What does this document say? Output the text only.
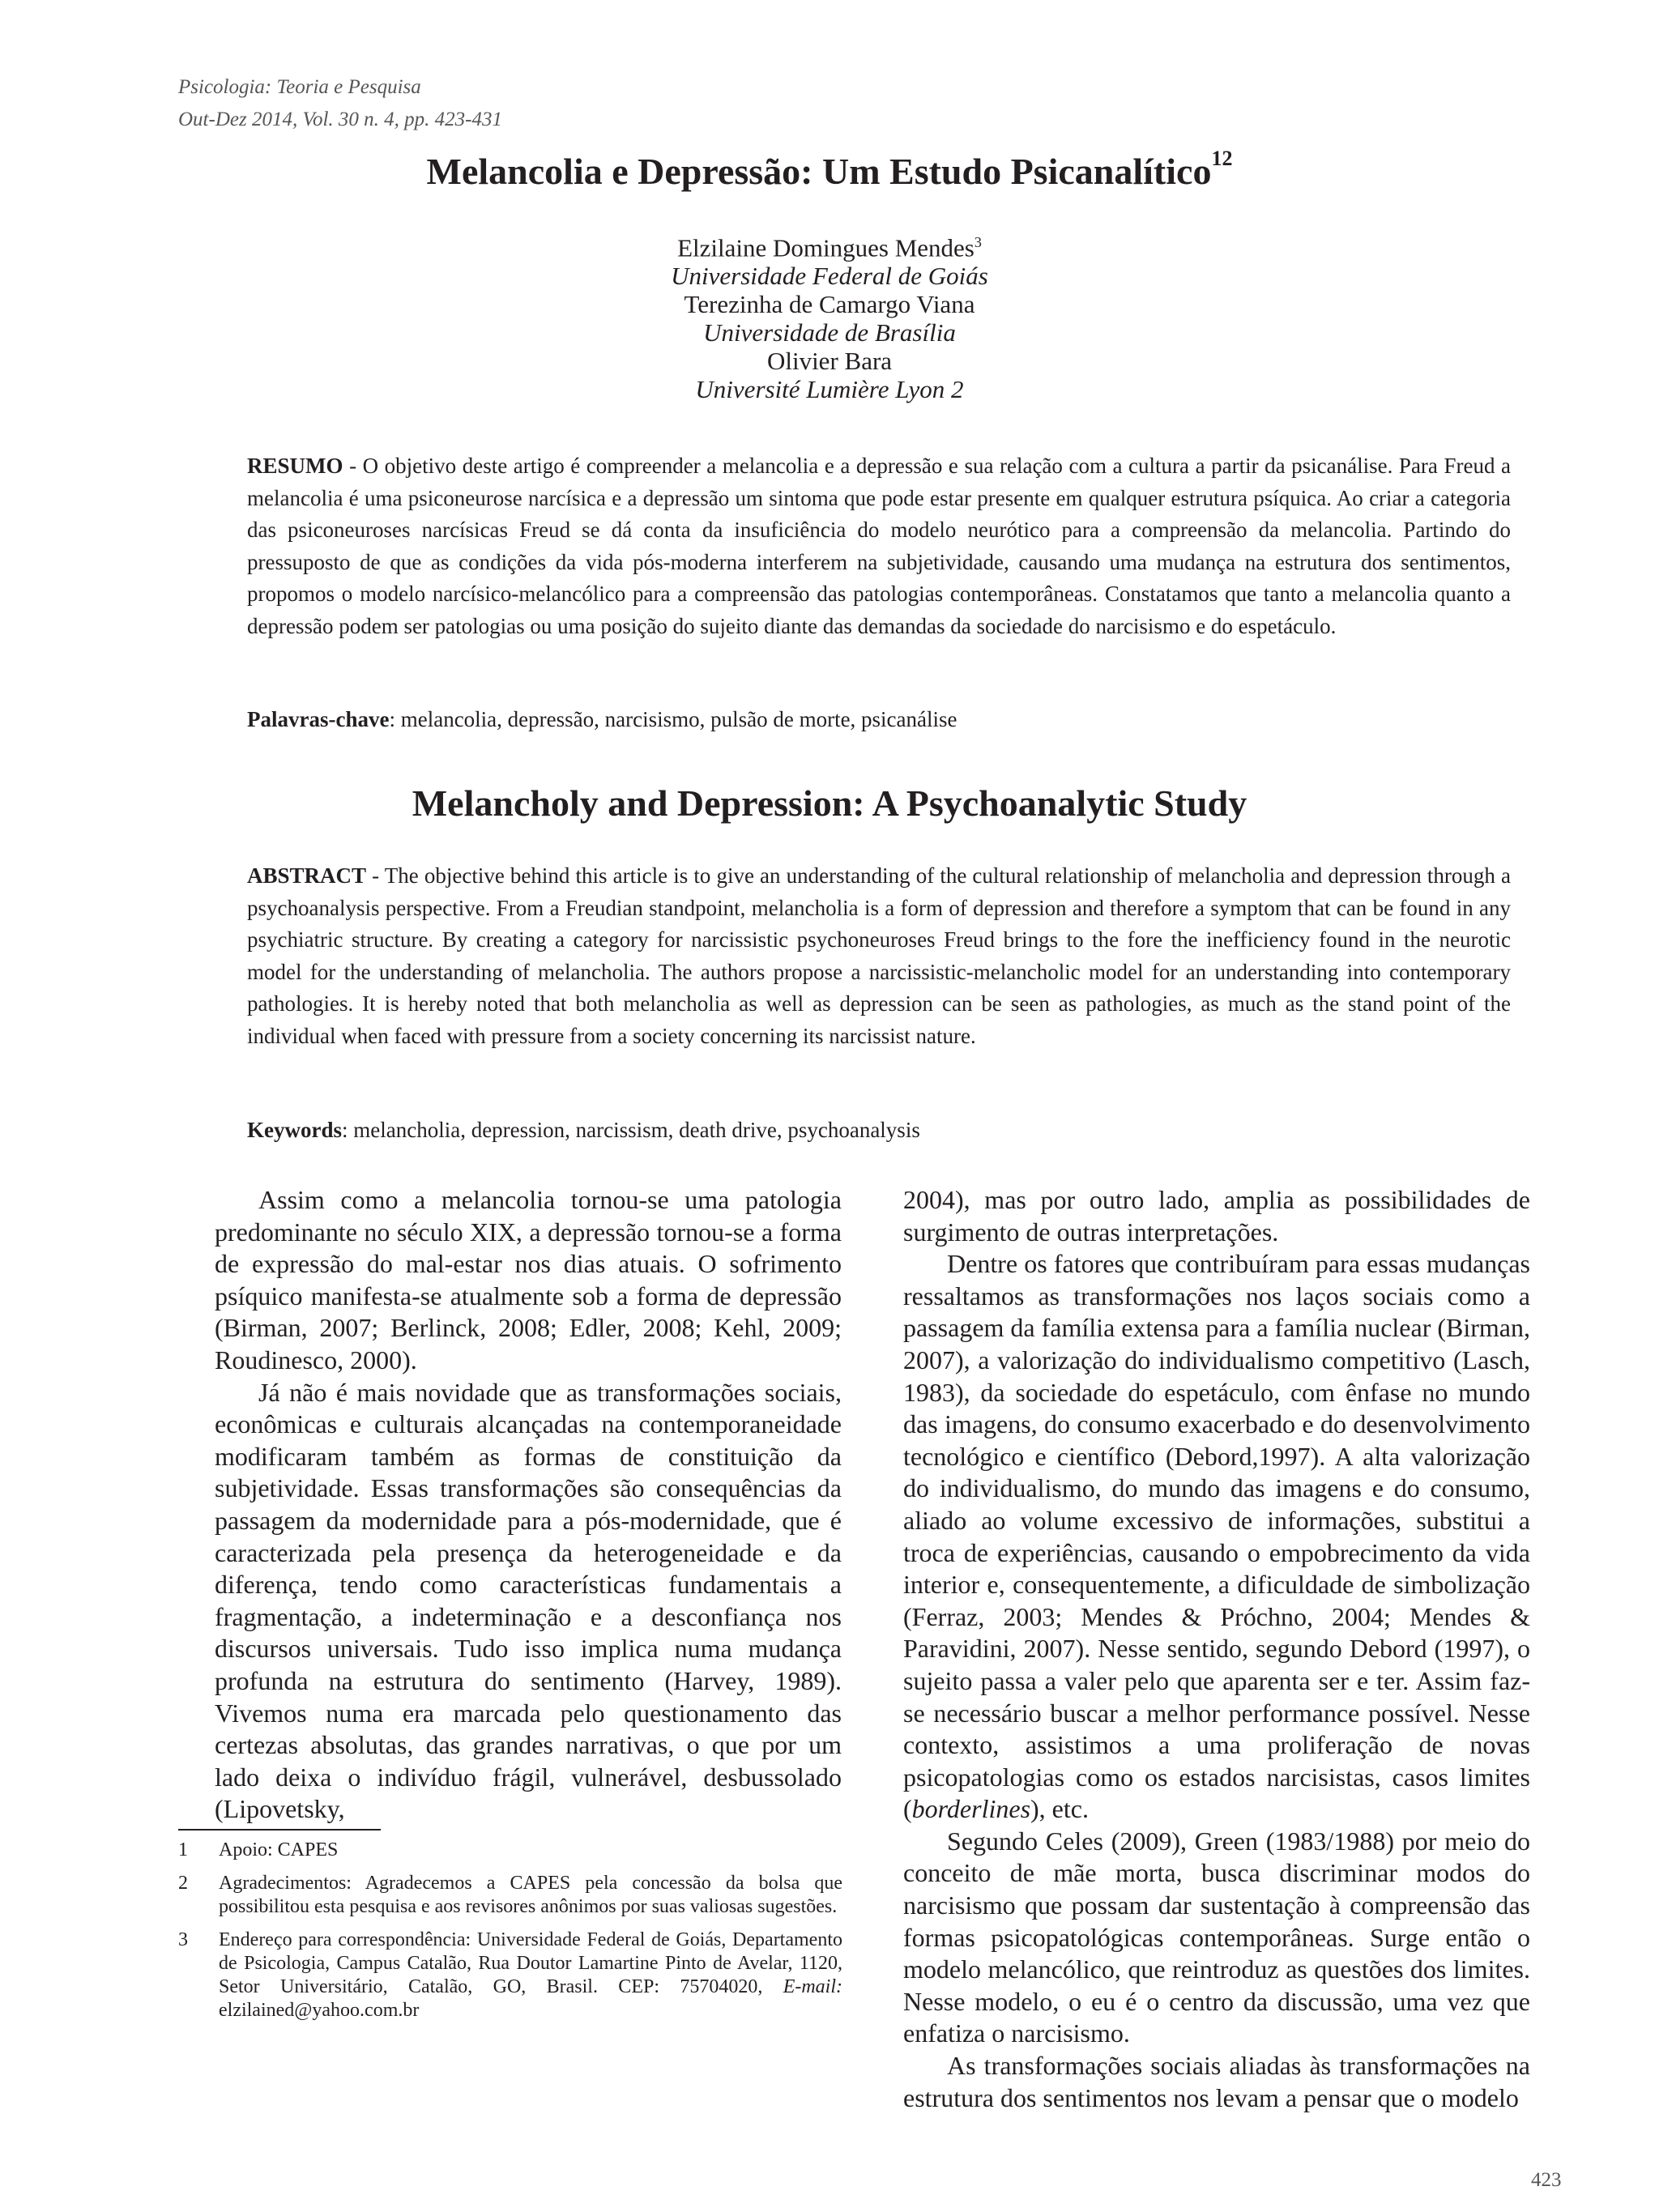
Psicologia: Teoria e Pesquisa
Out-Dez 2014, Vol. 30 n. 4, pp. 423-431
Melancolia e Depressão: Um Estudo Psicanalítico$^{12}$
Elzilaine Domingues Mendes$^3$
Universidade Federal de Goiás
Terezinha de Camargo Viana
Universidade de Brasília
Olivier Bara
Université Lumière Lyon 2
RESUMO - O objetivo deste artigo é compreender a melancolia e a depressão e sua relação com a cultura a partir da psicanálise. Para Freud a melancolia é uma psiconeurose narcísica e a depressão um sintoma que pode estar presente em qualquer estrutura psíquica. Ao criar a categoria das psiconeuroses narcísicas Freud se dá conta da insuficiência do modelo neurótico para a compreensão da melancolia. Partindo do pressuposto de que as condições da vida pós-moderna interferem na subjetividade, causando uma mudança na estrutura dos sentimentos, propomos o modelo narcísico-melancólico para a compreensão das patologias contemporâneas. Constatamos que tanto a melancolia quanto a depressão podem ser patologias ou uma posição do sujeito diante das demandas da sociedade do narcisismo e do espetáculo.
Palavras-chave: melancolia, depressão, narcisismo, pulsão de morte, psicanálise
Melancholy and Depression: A Psychoanalytic Study
ABSTRACT - The objective behind this article is to give an understanding of the cultural relationship of melancholia and depression through a psychoanalysis perspective. From a Freudian standpoint, melancholia is a form of depression and therefore a symptom that can be found in any psychiatric structure. By creating a category for narcissistic psychoneuroses Freud brings to the fore the inefficiency found in the neurotic model for the understanding of melancholia. The authors propose a narcissistic-melancholic model for an understanding into contemporary pathologies. It is hereby noted that both melancholia as well as depression can be seen as pathologies, as much as the stand point of the individual when faced with pressure from a society concerning its narcissist nature.
Keywords: melancholia, depression, narcissism, death drive, psychoanalysis

Assim como a melancolia tornou-se uma patologia predominante no século XIX, a depressão tornou-se a forma de expressão do mal-estar nos dias atuais. O sofrimento psíquico manifesta-se atualmente sob a forma de depressão (Birman, 2007; Berlinck, 2008; Edler, 2008; Kehl, 2009; Roudinesco, 2000).

Já não é mais novidade que as transformações sociais, econômicas e culturais alcançadas na contemporaneidade modificaram também as formas de constituição da subjetividade. Essas transformações são consequências da passagem da modernidade para a pós-modernidade, que é caracterizada pela presença da heterogeneidade e da diferença, tendo como características fundamentais a fragmentação, a indeterminação e a desconfiança nos discursos universais. Tudo isso implica numa mudança profunda na estrutura do sentimento (Harvey, 1989). Vivemos numa era marcada pelo questionamento das certezas absolutas, das grandes narrativas, o que por um lado deixa o indivíduo frágil, vulnerável, desbussolado (Lipovetsky,

2004), mas por outro lado, amplia as possibilidades de surgimento de outras interpretações.

Dentre os fatores que contribuíram para essas mudanças ressaltamos as transformações nos laços sociais como a passagem da família extensa para a família nuclear (Birman, 2007), a valorização do individualismo competitivo (Lasch, 1983), da sociedade do espetáculo, com ênfase no mundo das imagens, do consumo exacerbado e do desenvolvimento tecnológico e científico (Debord,1997). A alta valorização do individualismo, do mundo das imagens e do consumo, aliado ao volume excessivo de informações, substitui a troca de experiências, causando o empobrecimento da vida interior e, consequentemente, a dificuldade de simbolização (Ferraz, 2003; Mendes & Próchno, 2004; Mendes & Paravidini, 2007). Nesse sentido, segundo Debord (1997), o sujeito passa a valer pelo que aparenta ser e ter. Assim faz-se necessário buscar a melhor performance possível. Nesse contexto, assistimos a uma proliferação de novas psicopatologias como os estados narcisistas, casos limites (borderlines), etc.

Segundo Celes (2009), Green (1983/1988) por meio do conceito de mãe morta, busca discriminar modos do narcisismo que possam dar sustentação à compreensão das formas psicopatológicas contemporâneas. Surge então o modelo melancólico, que reintroduz as questões dos limites. Nesse modelo, o eu é o centro da discussão, uma vez que enfatiza o narcisismo.

As transformações sociais aliadas às transformações na estrutura dos sentimentos nos levam a pensar que o modelo

1 Apoio: CAPES
2 Agradecimentos: Agradecemos a CAPES pela concessão da bolsa que possibilitou esta pesquisa e aos revisores anônimos por suas valiosas sugestões.
3 Endereço para correspondência: Universidade Federal de Goiás, Departamento de Psicologia, Campus Catalão, Rua Doutor Lamartine Pinto de Avelar, 1120, Setor Universitário, Catalão, GO, Brasil. CEP: 75704020, E-mail: elzilained@yahoo.com.br
423
